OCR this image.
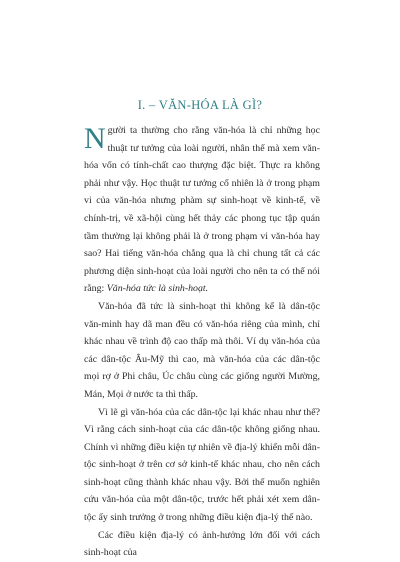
I. – VĂN-HÓA LÀ GÌ?

Người ta thường cho rằng văn-hóa là chỉ những học thuật tư tưởng của loài người, nhân thế mà xem văn-hóa vốn có tính-chất cao thượng đặc biệt. Thực ra không phải như vậy. Học thuật tư tưởng cố nhiên là ở trong phạm vi của văn-hóa nhưng phàm sự sinh-hoạt về kinh-tế, về chính-trị, về xã-hội cùng hết thảy các phong tục tập quán tầm thường lại không phải là ở trong phạm vi văn-hóa hay sao? Hai tiếng văn-hóa chẳng qua là chỉ chung tất cả các phương diện sinh-hoạt của loài người cho nên ta có thể nói rằng: Văn-hóa tức là sinh-hoạt.

Văn-hóa đã tức là sinh-hoạt thì không kể là dân-tộc văn-minh hay dã man đều có văn-hóa riêng của mình, chỉ khác nhau về trình độ cao thấp mà thôi. Ví dụ văn-hóa của các dân-tộc Âu-Mỹ thì cao, mà văn-hóa của các dân-tộc mọi rợ ở Phi châu, Úc châu cùng các giống người Mường, Mán, Mọi ở nước ta thì thấp.

Vì lẽ gì văn-hóa của các dân-tộc lại khác nhau như thế? Vì rằng cách sinh-hoạt của các dân-tộc không giống nhau. Chính vì những điều kiện tự nhiên về địa-lý khiến mỗi dân-tộc sinh-hoạt ở trên cơ sở kinh-tế khác nhau, cho nên cách sinh-hoạt cũng thành khác nhau vậy. Bởi thế muốn nghiên cứu văn-hóa của một dân-tộc, trước hết phải xét xem dân-tộc ấy sinh trưởng ở trong những điều kiện địa-lý thế nào.

Các điều kiện địa-lý có ảnh-hưởng lớn đối với cách sinh-hoạt của
